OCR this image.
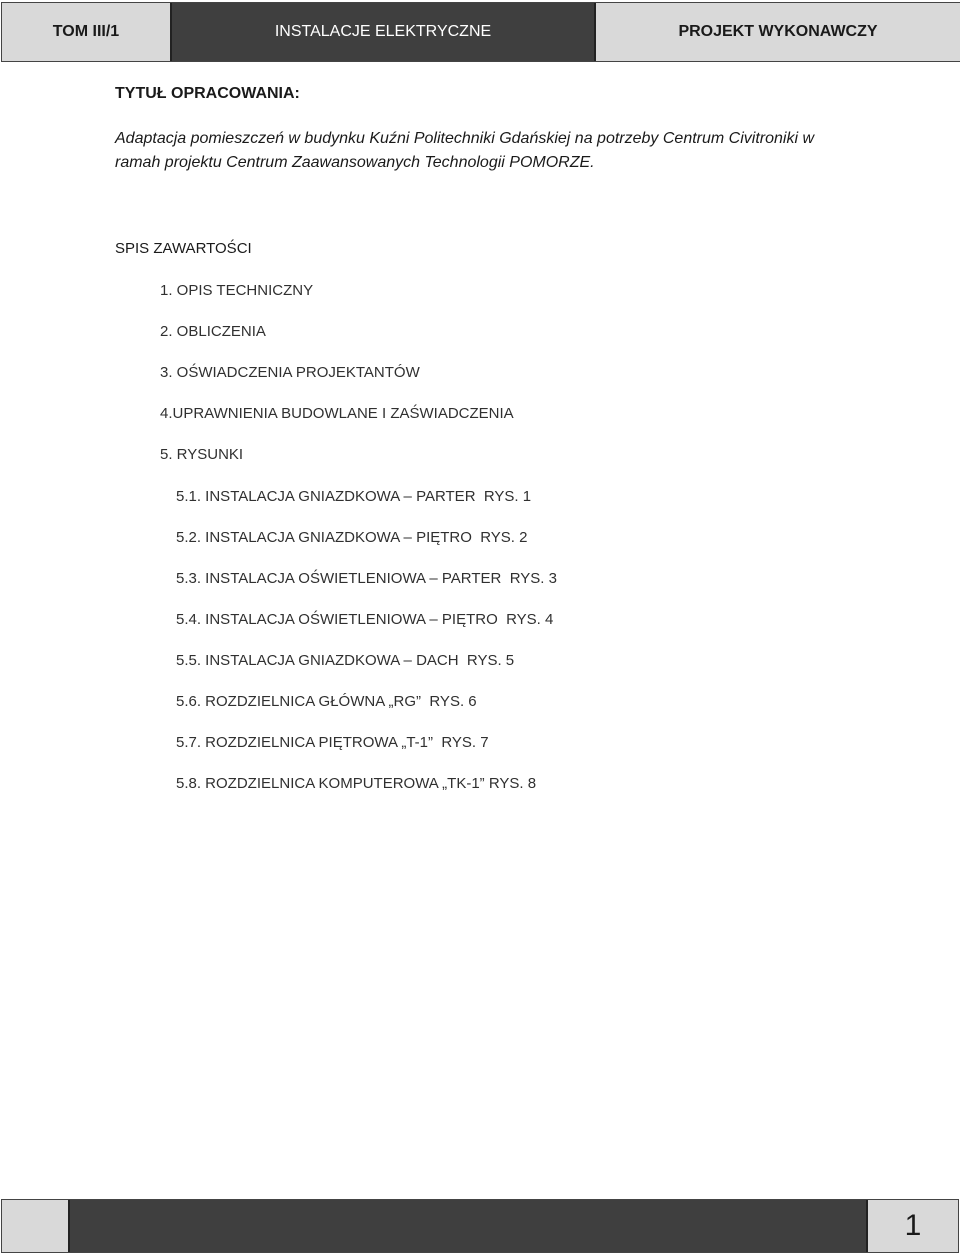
TOM III/1	INSTALACJE ELEKTRYCZNE	PROJEKT WYKONAWCZY
TYTUŁ OPRACOWANIA:
Adaptacja pomieszczeń w budynku Kuźni Politechniki Gdańskiej na potrzeby Centrum Civitroniki w ramah projektu Centrum Zaawansowanych Technologii POMORZE.
SPIS ZAWARTOŚCI
1. OPIS TECHNICZNY
2. OBLICZENIA
3. OŚWIADCZENIA PROJEKTANTÓW
4.UPRAWNIENIA BUDOWLANE I ZAŚWIADCZENIA
5. RYSUNKI
5.1. INSTALACJA GNIAZDKOWA – PARTER  RYS. 1
5.2. INSTALACJA GNIAZDKOWA – PIĘTRO  RYS. 2
5.3. INSTALACJA OŚWIETLENIOWA – PARTER  RYS. 3
5.4. INSTALACJA OŚWIETLENIOWA – PIĘTRO  RYS. 4
5.5. INSTALACJA GNIAZDKOWA – DACH  RYS. 5
5.6. ROZDZIELNICA GŁÓWNA „RG”  RYS. 6
5.7. ROZDZIELNICA PIĘTROWA „T-1”  RYS. 7
5.8. ROZDZIELNICA KOMPUTEROWA „TK-1” RYS. 8
1
